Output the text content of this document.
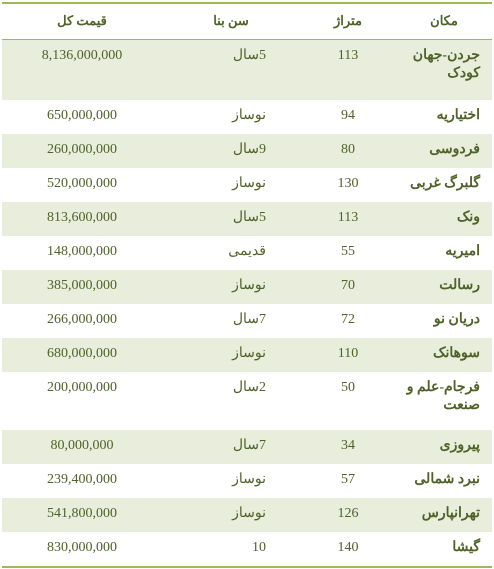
قیمت کل	سن بنا	متراژ	مکان
8,136,000,000	5سال	113	جردن-جهان کودک
650,000,000	نوساز	94	اختیاریه
260,000,000	9سال	80	فردوسی
520,000,000	نوساز	130	گلبرگ غربی
813,600,000	5سال	113	ونک
148,000,000	قدیمی	55	امیریه
385,000,000	نوساز	70	رسالت
266,000,000	7سال	72	دریان نو
680,000,000	نوساز	110	سوهانک
200,000,000	2سال	50	فرجام-علم و صنعت
80,000,000	7سال	34	پیروزی
239,400,000	نوساز	57	نبرد شمالی
541,800,000	نوساز	126	تهرانپارس
830,000,000	10	140	گیشا
